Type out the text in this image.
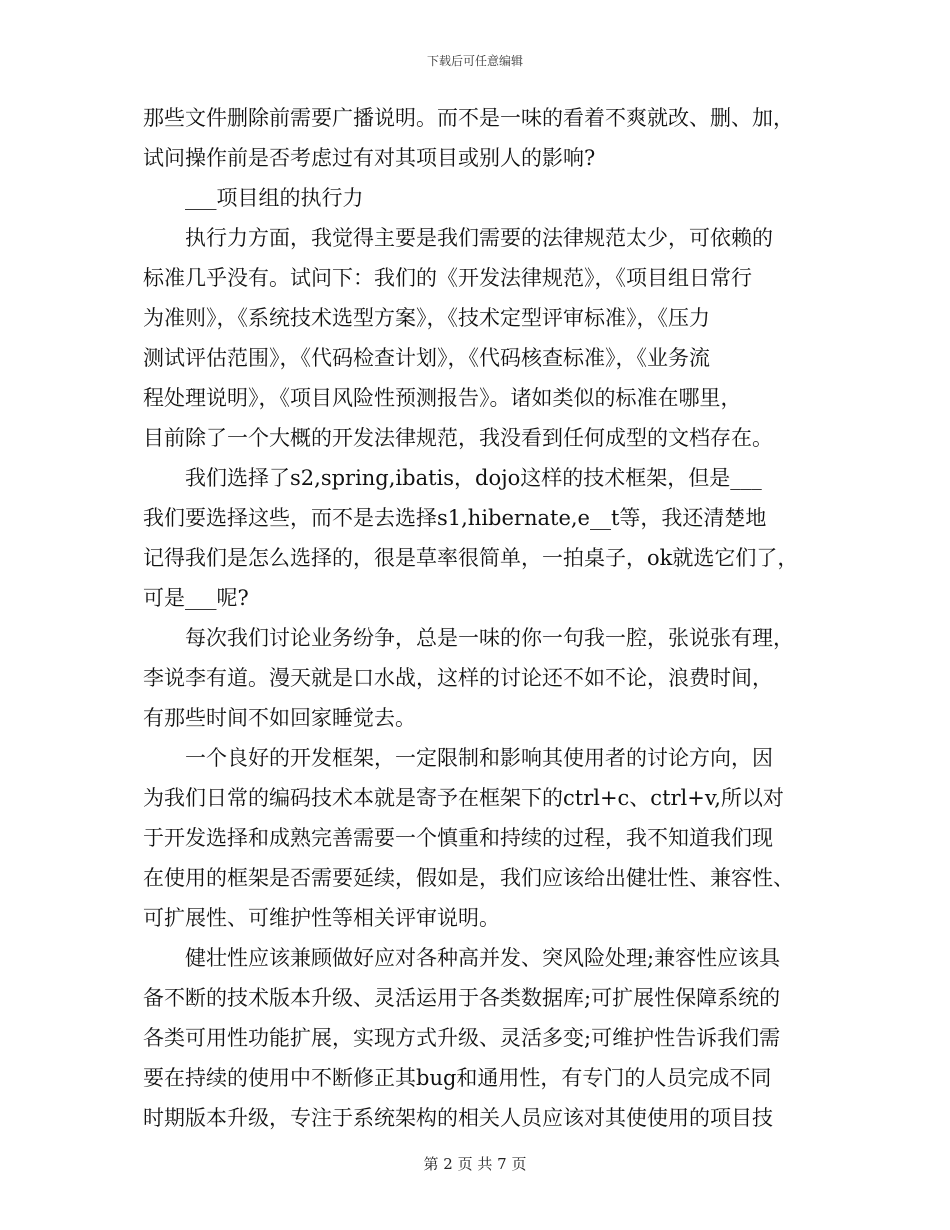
下载后可任意编辑
那些文件删除前需要广播说明。而不是一味的看着不爽就改、删、加，
试问操作前是否考虑过有对其项目或别人的影响?
___项目组的执行力
执行力方面，我觉得主要是我们需要的法律规范太少，可依赖的
标准几乎没有。试问下：我们的《开发法律规范》，《项目组日常行
为准则》，《系统技术选型方案》，《技术定型评审标准》，《压力
测试评估范围》，《代码检查计划》，《代码核查标准》，《业务流
程处理说明》，《项目风险性预测报告》。诸如类似的标准在哪里，
目前除了一个大概的开发法律规范，我没看到任何成型的文档存在。
我们选择了s2,spring,ibatis，dojo这样的技术框架，但是___
我们要选择这些，而不是去选择s1,hibernate,e__t等，我还清楚地
记得我们是怎么选择的，很是草率很简单，一拍桌子，ok就选它们了，
可是___呢?
每次我们讨论业务纷争，总是一味的你一句我一腔，张说张有理，
李说李有道。漫天就是口水战，这样的讨论还不如不论，浪费时间，
有那些时间不如回家睡觉去。
一个良好的开发框架，一定限制和影响其使用者的讨论方向，因
为我们日常的编码技术本就是寄予在框架下的ctrl+c、ctrl+v,所以对
于开发选择和成熟完善需要一个慎重和持续的过程，我不知道我们现
在使用的框架是否需要延续，假如是，我们应该给出健壮性、兼容性、
可扩展性、可维护性等相关评审说明。
健壮性应该兼顾做好应对各种高并发、突风险处理;兼容性应该具
备不断的技术版本升级、灵活运用于各类数据库;可扩展性保障系统的
各类可用性功能扩展，实现方式升级、灵活多变;可维护性告诉我们需
要在持续的使用中不断修正其bug和通用性，有专门的人员完成不同
时期版本升级，专注于系统架构的相关人员应该对其使使用的项目技
第 2 页 共 7 页
